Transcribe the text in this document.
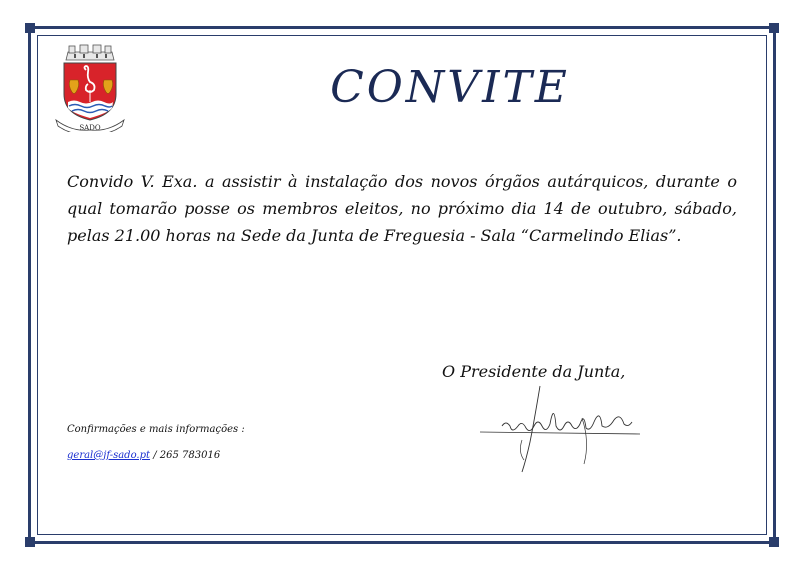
SADO
CONVITE

Convido V. Exa. a assistir à instalação dos novos órgãos autárquicos, durante o qual tomarão posse os membros eleitos, no próximo dia 14 de outubro, sábado, pelas 21.00 horas na Sede da Junta de Freguesia - Sala “Carmelindo Elias”.

O Presidente da Junta,

Confirmações e mais informações :

geral@jf-sado.pt / 265 783016
